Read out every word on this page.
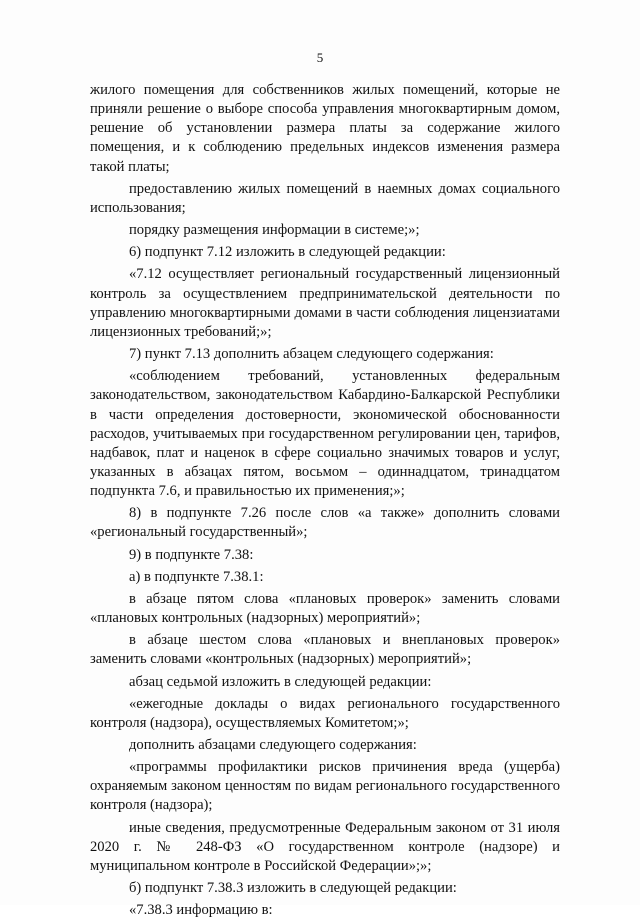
5

жилого помещения для собственников жилых помещений, которые не приняли решение о выборе способа управления многоквартирным домом, решение об установлении размера платы за содержание жилого помещения, и к соблюдению предельных индексов изменения размера такой платы;

предоставлению жилых помещений в наемных домах социального использования;

порядку размещения информации в системе;»;

6) подпункт 7.12 изложить в следующей редакции:

«7.12 осуществляет региональный государственный лицензионный контроль за осуществлением предпринимательской деятельности по управлению многоквартирными домами в части соблюдения лицензиатами лицензионных требований;»;

7) пункт 7.13 дополнить абзацем следующего содержания:

«соблюдением требований, установленных федеральным законодательством, законодательством Кабардино-Балкарской Республики в части определения достоверности, экономической обоснованности расходов, учитываемых при государственном регулировании цен, тарифов, надбавок, плат и наценок в сфере социально значимых товаров и услуг, указанных в абзацах пятом, восьмом – одиннадцатом, тринадцатом подпункта 7.6, и правильностью их применения;»;

8) в подпункте 7.26 после слов «а также» дополнить словами «региональный государственный»;

9) в подпункте 7.38:

а) в подпункте 7.38.1:

в абзаце пятом слова «плановых проверок» заменить словами «плановых контрольных (надзорных) мероприятий»;

в абзаце шестом слова «плановых и внеплановых проверок» заменить словами «контрольных (надзорных) мероприятий»;

абзац седьмой изложить в следующей редакции:

«ежегодные доклады о видах регионального государственного контроля (надзора), осуществляемых Комитетом;»;

дополнить абзацами следующего содержания:

«программы профилактики рисков причинения вреда (ущерба) охраняемым законом ценностям по видам регионального государственного контроля (надзора);

иные сведения, предусмотренные Федеральным законом от 31 июля 2020 г. № 248-ФЗ «О государственном контроле (надзоре) и муниципальном контроле в Российской Федерации»;»;

б) подпункт 7.38.3 изложить в следующей редакции:

«7.38.3 информацию в:
